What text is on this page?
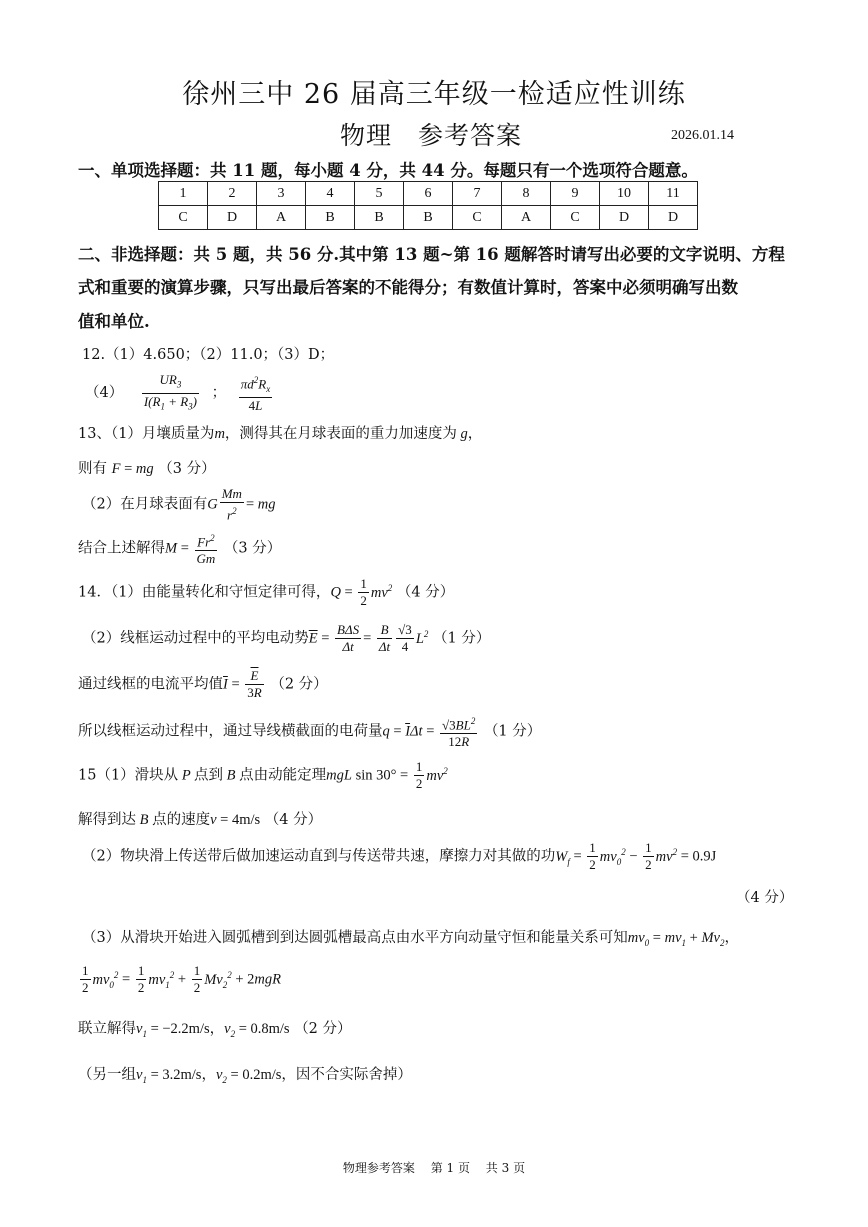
徐州三中 26 届高三年级一检适应性训练
物理　参考答案	2026.01.14
一、单项选择题：共 11 题，每小题 4 分，共 44 分。每题只有一个选项符合题意。
1	2	3	4	5	6	7	8	9	10	11
C	D	A	B	B	B	C	A	C	D	D
二、非选择题：共 5 题，共 56 分.其中第 13 题~第 16 题解答时请写出必要的文字说明、方程
式和重要的演算步骤，只写出最后答案的不能得分；有数值计算时，答案中必须明确写出数
值和单位.
12.（1）4.650；（2）11.0；（3）D；
$(4) \frac{UR_3}{I(R_1 + R_3)}$ ； $\frac{\pi d^2R_x}{4L}$
13、（1）月壤质量为m，测得其在月球表面的重力加速度为 g，
则有 F = mg （3 分）
（2）在月球表面有G $\frac{Mm}{r^2}$ = mg
结合上述解得$M = \frac{Fr^2}{Gm} (3$ 分）
14．（1）由能量转化和守恒定律可得，$Q = \frac{1}{2} mv^2$ （4 分）
（2）线框运动过程中的平均电动势$\overline{E} = \frac{\text{BΔS}}{\Delta t} = \frac{B}{\Delta t} \frac{√3}{4} L^2$ （1 分）
通过线框的电流平均值$\overline{I} = \frac{\overline{E}}{3R} (2$ 分）
所以线框运动过程中，通过导线横截面的电荷量$q = \overline{I}\Delta t = \frac{√3BL^2}{12R} (1$ 分）
15（1）滑块从 P 点到 B 点由动能定理mgL $\sin 30^\circ = \frac{1}{2} mv^2$
解得到达 B 点的速度v = 4m/s （4 分）
（2）物块滑上传送带后做加速运动直到与传送带共速，摩擦力对其做的功$W_f = \frac{1}{2} mv_0^2 - \frac{1}{2} mv^2 = 0.9J$
（4 分）
（3）从滑块开始进入圆弧槽到到达圆弧槽最高点由水平方向动量守恒和能量关系可知$mv_0 = mv_1 + Mv_2$，
$\frac{1}{2} mv_0^2 = \frac{1}{2} mv_1^2 + \frac{1}{2} Mv_2^2 + 2mgR$
联立解得$v_1 = -2.2m/s$，$v_2 = 0.8m/s$ （2 分）
（另一组$v_1 = 3.2m/s$，$v_2 = 0.2m/s$，因不合实际舍掉）
物理参考答案　 第 1 页　 共 3 页
